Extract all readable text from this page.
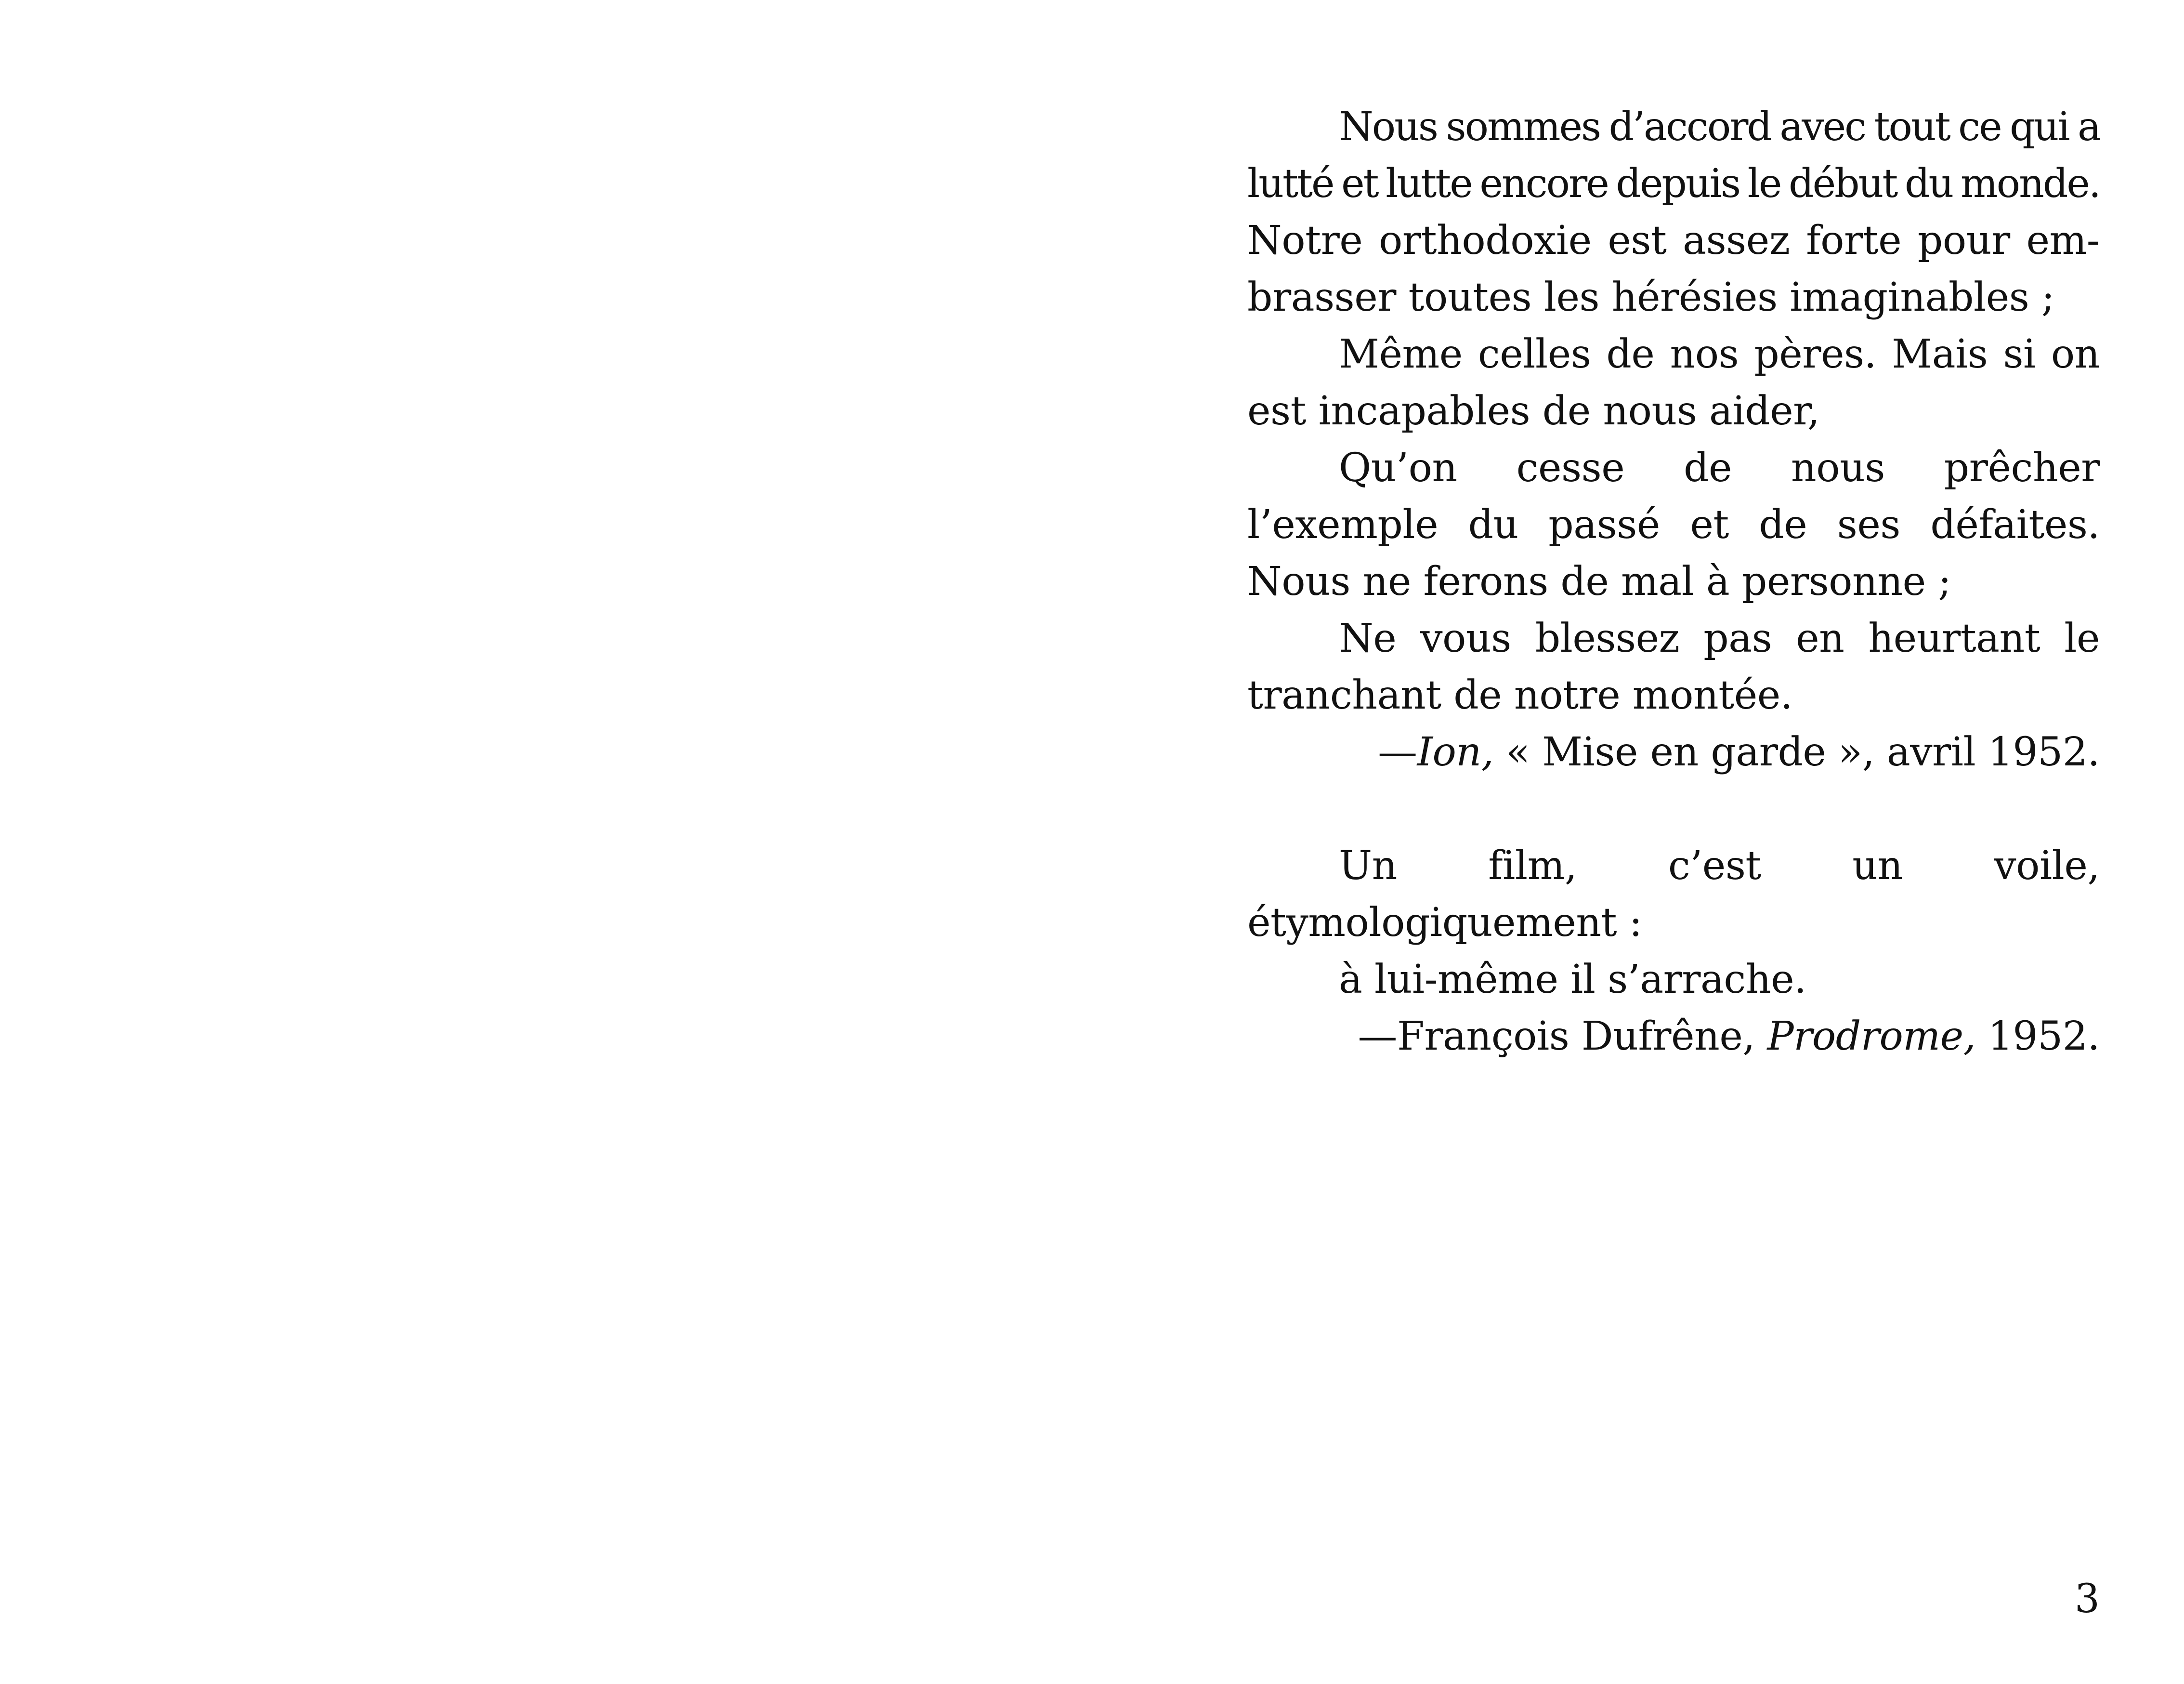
Nous sommes d’accord avec tout ce qui a lutté et lutte encore depuis le début du monde. Notre orthodoxie est assez forte pour em-brasser toutes les hérésies imaginables ;

Même celles de nos pères. Mais si on est incapables de nous aider,

Qu’on cesse de nous prêcher l’exemple du passé et de ses défaites. Nous ne ferons de mal à personne ;

Ne vous blessez pas en heurtant le tranchant de notre montée.

—Ion, « Mise en garde », avril 1952.

Un film, c’est un voile, étymologiquement :

à lui-même il s’arrache.

—François Dufrêne, Prodrome, 1952.

3
